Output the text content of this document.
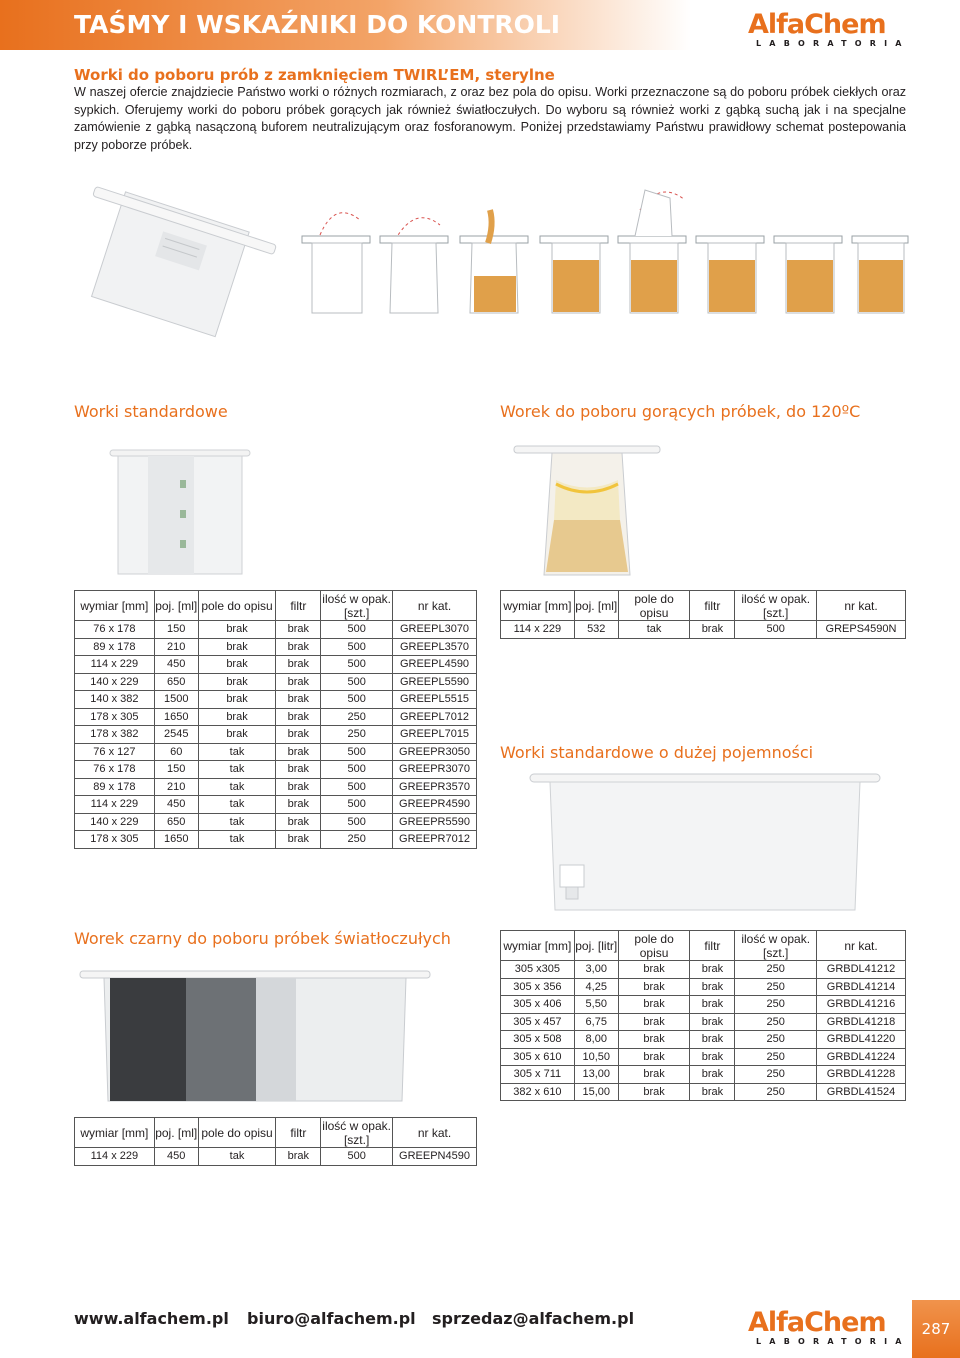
TAŚMY I WSKAŹNIKI DO KONTROLI	AlfaChem
LABORATORIA
Worki do poboru prób z zamknięciem TWIRL’EM, sterylne
W naszej ofercie znajdziecie Państwo worki o różnych rozmiarach, z oraz bez pola do opisu. Worki przeznaczone są do poboru próbek ciekłych oraz sypkich. Oferujemy worki do poboru próbek gorących jak również światłoczułych. Do wyboru są również worki z gąbką suchą jak i na specjalne zamówienie z gąbką nasączoną buforem neutralizującym oraz fosforanowym. Poniżej przedstawiamy Państwu prawidłowy schemat postepowania przy poborze próbek.
Worki standardowe
wymiar [mm]	poj. [ml]	pole do opisu	filtr	ilość w opak. [szt.]	nr kat.
76 x 178	150	brak	brak	500	GREEPL3070
89 x 178	210	brak	brak	500	GREEPL3570
114 x 229	450	brak	brak	500	GREEPL4590
140 x 229	650	brak	brak	500	GREEPL5590
140 x 382	1500	brak	brak	500	GREEPL5515
178 x 305	1650	brak	brak	250	GREEPL7012
178 x 382	2545	brak	brak	250	GREEPL7015
76 x 127	60	tak	brak	500	GREEPR3050
76 x 178	150	tak	brak	500	GREEPR3070
89 x 178	210	tak	brak	500	GREEPR3570
114 x 229	450	tak	brak	500	GREEPR4590
140 x 229	650	tak	brak	500	GREEPR5590
178 x 305	1650	tak	brak	250	GREEPR7012
Worek do poboru gorących próbek, do 120ºC
wymiar [mm]	poj. [ml]	pole do opisu	filtr	ilość w opak. [szt.]	nr kat.
114 x 229	532	tak	brak	500	GREPS4590N
Worki standardowe o dużej pojemności
wymiar [mm]	poj. [litr]	pole do opisu	filtr	ilość w opak. [szt.]	nr kat.
305 x305	3,00	brak	brak	250	GRBDL41212
305 x 356	4,25	brak	brak	250	GRBDL41214
305 x 406	5,50	brak	brak	250	GRBDL41216
305 x 457	6,75	brak	brak	250	GRBDL41218
305 x 508	8,00	brak	brak	250	GRBDL41220
305 x 610	10,50	brak	brak	250	GRBDL41224
305 x 711	13,00	brak	brak	250	GRBDL41228
382 x 610	15,00	brak	brak	250	GRBDL41524
Worek czarny do poboru próbek światłoczułych
wymiar [mm]	poj. [ml]	pole do opisu	filtr	ilość w opak. [szt.]	nr kat.
114 x 229	450	tak	brak	500	GREEPN4590
www.alfachem.pl biuro@alfachem.pl sprzedaz@alfachem.pl	AlfaChem
LABORATORIA
287
